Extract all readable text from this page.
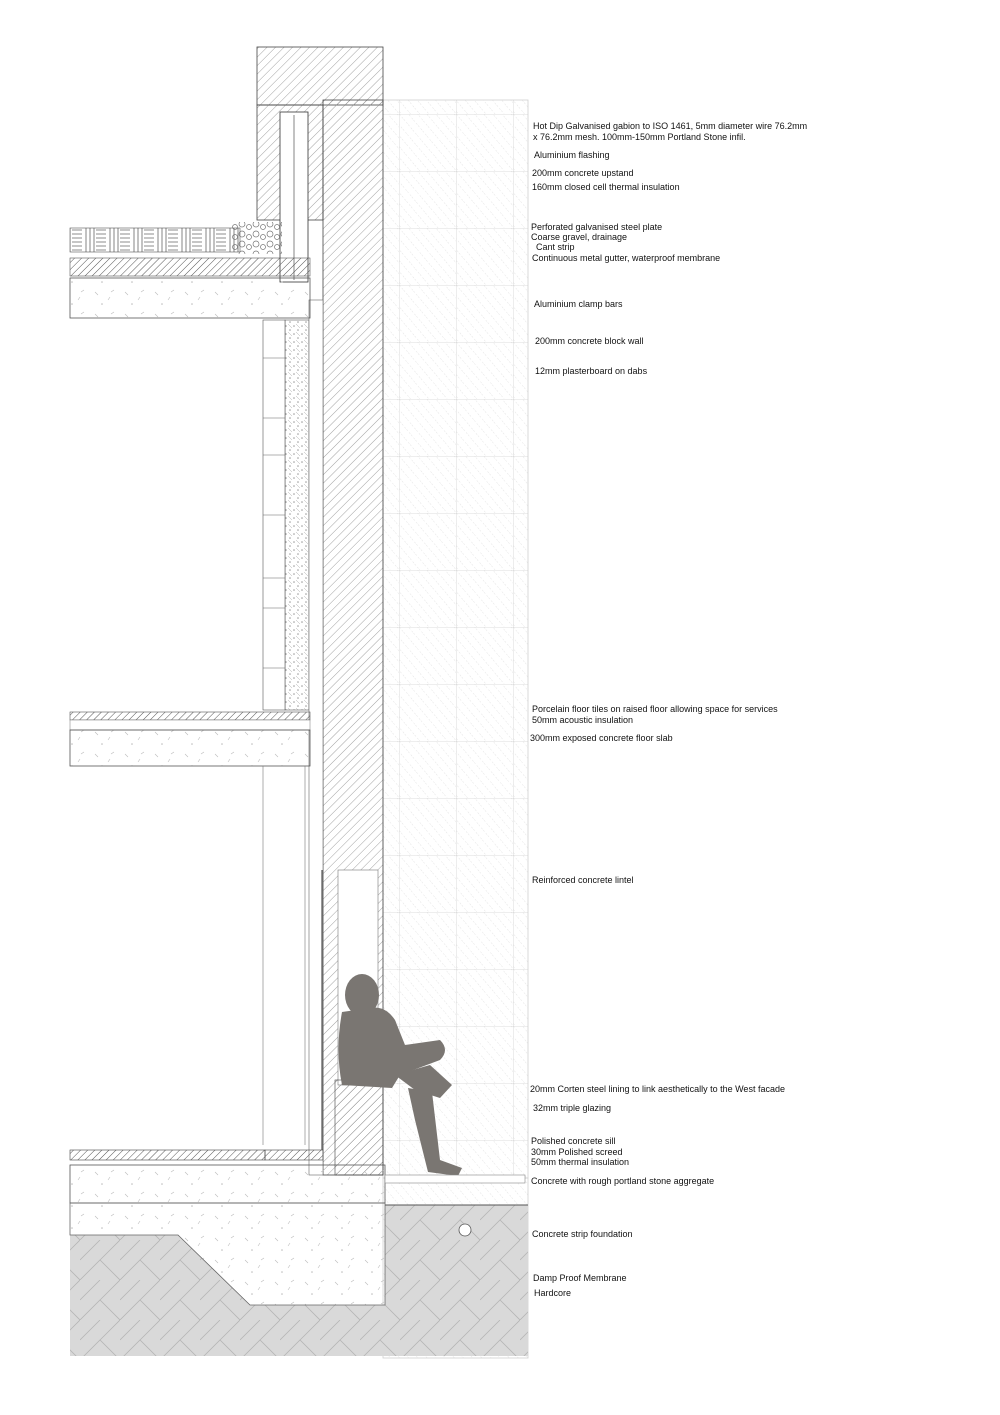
Hot Dip Galvanised gabion to ISO 1461, 5mm diameter wire 76.2mm
x 76.2mm mesh. 100mm-150mm Portland Stone infil.
Aluminium flashing
200mm concrete upstand
160mm closed cell thermal insulation
Perforated galvanised steel plate
Coarse gravel, drainage
Cant strip
Continuous metal gutter, waterproof membrane
Aluminium clamp bars
200mm concrete block wall
12mm plasterboard on dabs
Porcelain floor tiles on raised floor allowing space for services
50mm acoustic insulation
300mm exposed concrete floor slab
Reinforced concrete lintel
20mm Corten steel lining to link aesthetically to the West facade
32mm triple glazing
Polished concrete sill
30mm Polished screed
50mm thermal insulation
Concrete with rough portland stone aggregate
Concrete strip foundation
Damp Proof Membrane
Hardcore
